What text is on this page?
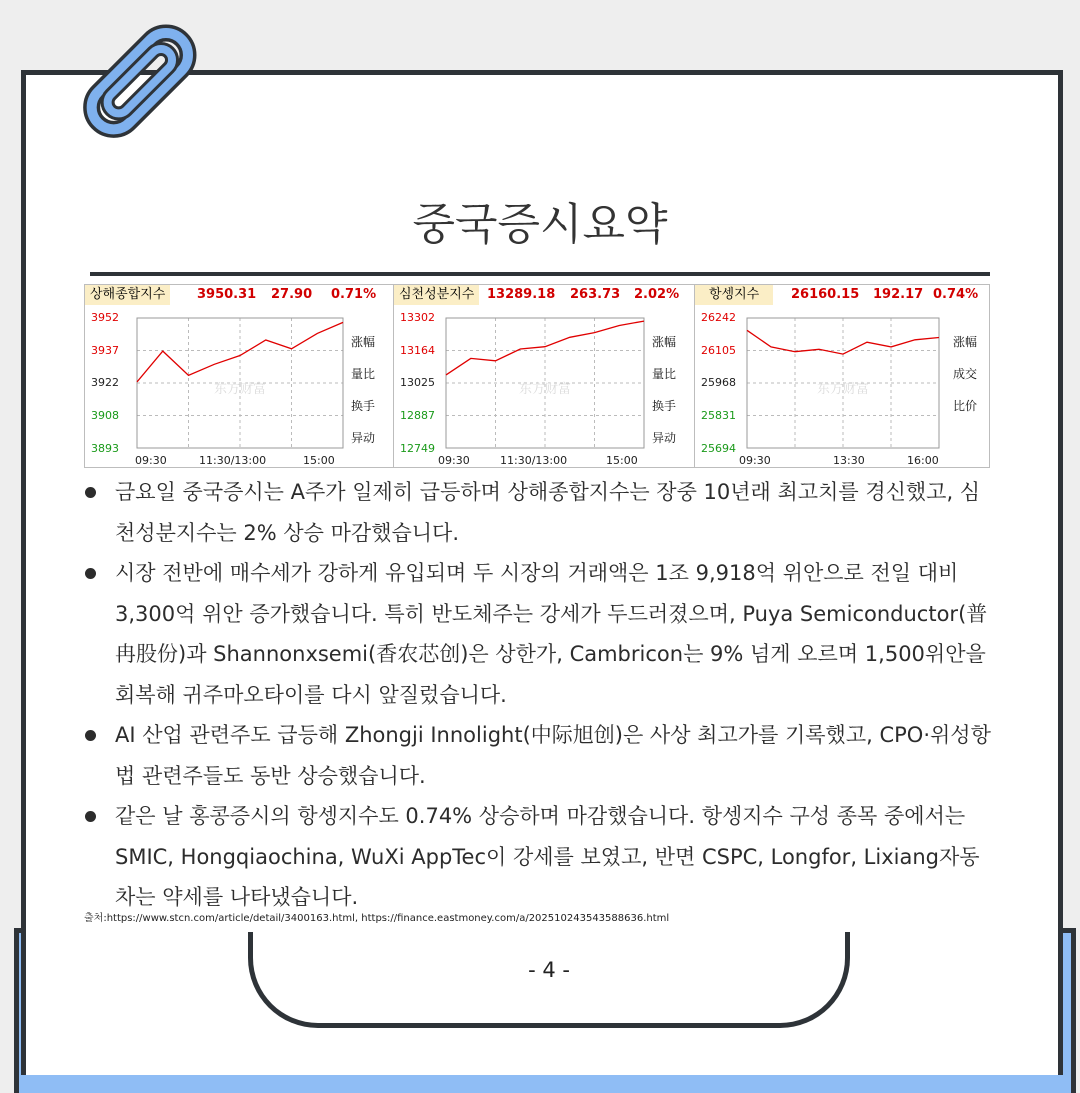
- 4 -
중국증시요약
상해종합지수	3950.31 27.90 0.71%
东方财富
3952
3937
3922
3908
3893
09:30	11:30/13:00	15:00
涨幅
量比
换手
异动
심천성분지수 13289.18 263.73 2.02%
东方财富
13302
13164
13025
12887
12749
09:30	11:30/13:00	15:00
涨幅
量比
换手
异动
항셍지수	26160.15 192.17 0.74%
东方财富
26242
26105
25968
25831
25694
09:30	13:30	16:00
涨幅
成交
比价
금요일 중국증시는 A주가 일제히 급등하며 상해종합지수는 장중 10년래 최고치를 경신했고, 심천성분지수는 2% 상승 마감했습니다.
시장 전반에 매수세가 강하게 유입되며 두 시장의 거래액은 1조 9,918억 위안으로 전일 대비 3,300억 위안 증가했습니다. 특히 반도체주는 강세가 두드러졌으며, Puya Semiconductor(普冉股份)과 Shannonxsemi(香农芯创)은 상한가, Cambricon는 9% 넘게 오르며 1,500위안을 회복해 귀주마오타이를 다시 앞질렀습니다.
AI 산업 관련주도 급등해 Zhongji Innolight(中际旭创)은 사상 최고가를 기록했고, CPO·위성항법 관련주들도 동반 상승했습니다.
같은 날 홍콩증시의 항셍지수도 0.74% 상승하며 마감했습니다. 항셍지수 구성 종목 중에서는 SMIC, Hongqiaochina, WuXi AppTec이 강세를 보였고, 반면 CSPC, Longfor, Lixiang자동차는 약세를 나타냈습니다.
출처:https://www.stcn.com/article/detail/3400163.html, https://finance.eastmoney.com/a/202510243543588636.html
